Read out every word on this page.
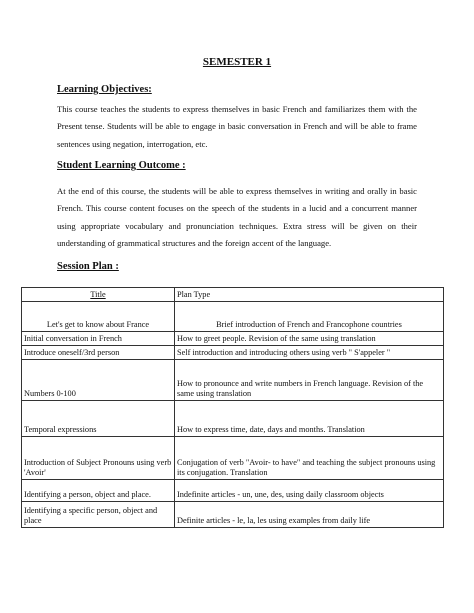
SEMESTER 1
Learning Objectives:
This course teaches the students to express themselves in basic French and familiarizes them with the Present tense. Students will be able to engage in basic conversation in French and will be able to frame sentences using negation, interrogation, etc.
Student Learning Outcome :
At the end of this course, the students will be able to express themselves in writing and orally in basic French. This course content focuses on the speech of the students in a lucid and a concurrent manner using appropriate vocabulary and pronunciation techniques. Extra stress will be given on their understanding of grammatical structures and the foreign accent of the language.
Session Plan :
Title	Plan Type
Let's get to know about France	Brief introduction of French and Francophone countries
Initial conversation in French	How to greet people. Revision of the same using translation
Introduce oneself/3rd person	Self introduction and introducing others using verb " S'appeler "
Numbers 0-100	How to pronounce and write numbers in French language. Revision of the same using translation
Temporal expressions	How to express time, date, days and months. Translation
Introduction of Subject Pronouns using verb 'Avoir'	Conjugation of verb "Avoir- to have" and teaching the subject pronouns using its conjugation. Translation
Identifying a person, object and place.	Indefinite articles - un, une, des, using daily classroom objects
Identifying a specific person, object and place	Definite articles - le, la, les using examples from daily life
